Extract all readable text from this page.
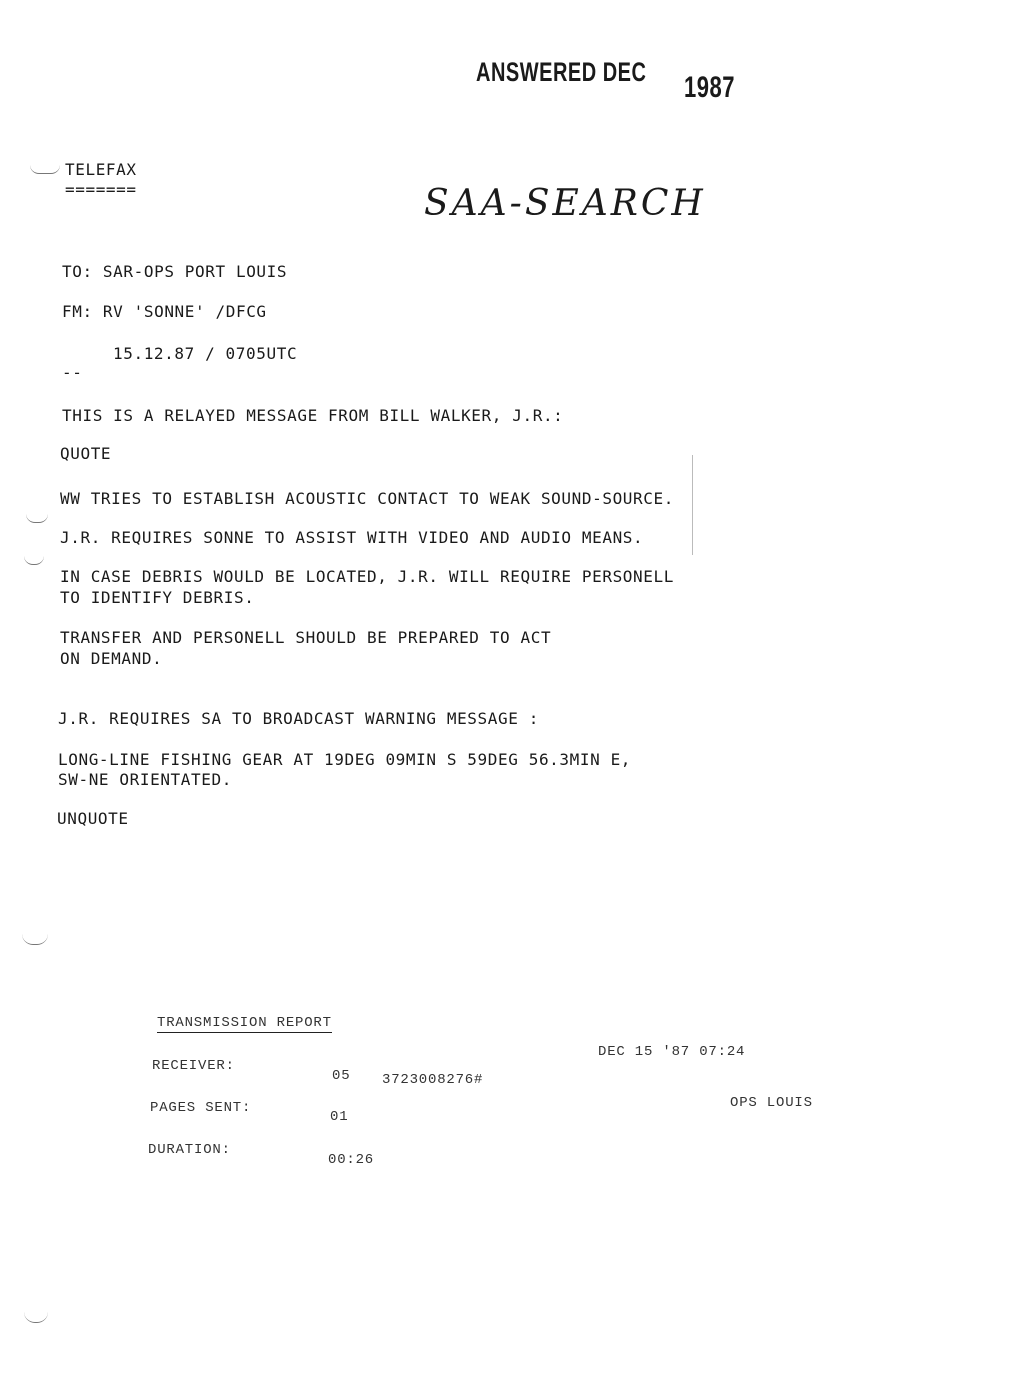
ANSWERED DEC 1987
TELEFAX
=======	SAA-SEARCH
TO: SAR-OPS PORT LOUIS
FM: RV 'SONNE' /DFCG
15.12.87 / 0705UTC
--
THIS IS A RELAYED MESSAGE FROM BILL WALKER, J.R.:
QUOTE
WW TRIES TO ESTABLISH ACOUSTIC CONTACT TO WEAK SOUND-SOURCE.
J.R. REQUIRES SONNE TO ASSIST WITH VIDEO AND AUDIO MEANS.
IN CASE DEBRIS WOULD BE LOCATED, J.R. WILL REQUIRE PERSONELL
TO IDENTIFY DEBRIS.
TRANSFER AND PERSONELL SHOULD BE PREPARED TO ACT
ON DEMAND.
J.R. REQUIRES SA TO BROADCAST WARNING MESSAGE :
LONG-LINE FISHING GEAR AT 19DEG 09MIN S 59DEG 56.3MIN E,
SW-NE ORIENTATED.
UNQUOTE
TRANSMISSION REPORT
RECEIVER:
05 3723008276#
PAGES SENT:
01
DURATION:
00:26
DEC 15 '87 07:24
OPS LOUIS
